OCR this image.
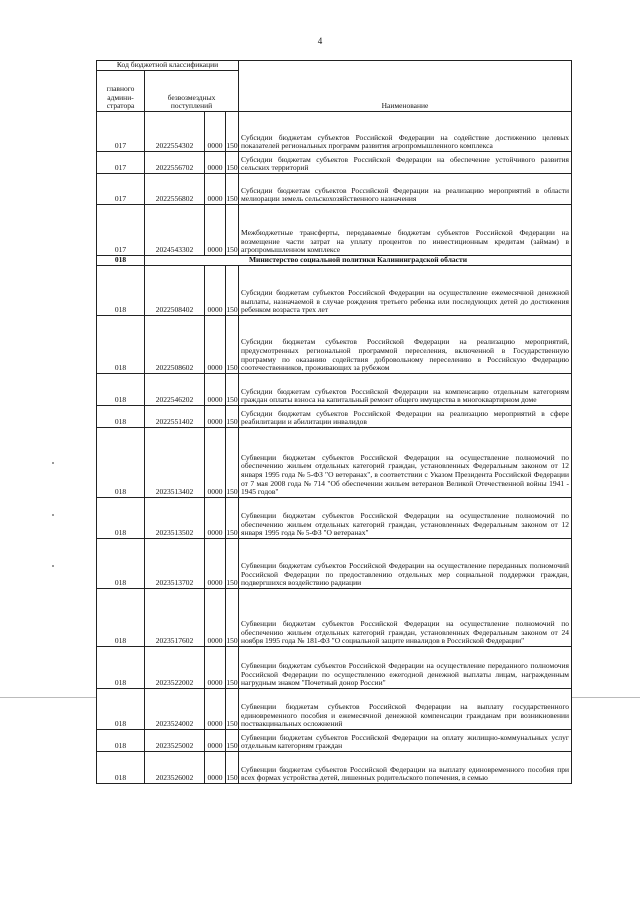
4
Код бюджетной классификации				Наименование
главного админи-стратора	безвозмездных поступлений			
017	2022554302	0000	150	Субсидии бюджетам субъектов Российской Федерации на содействие достижению целевых показателей региональных программ развития агропромышленного комплекса
017	2022556702	0000	150	Субсидии бюджетам субъектов Российской Федерации на обеспечение устойчивого развития сельских территорий
017	2022556802	0000	150	Субсидии бюджетам субъектов Российской Федерации на реализацию мероприятий в области мелиорации земель сельскохозяйственного назначения
017	2024543302	0000	150	Межбюджетные трансферты, передаваемые бюджетам субъектов Российской Федерации на возмещение части затрат на уплату процентов по инвестиционным кредитам (займам) в агропромышленном комплексе
018	Министерство социальной политики Калининградской области			
018	2022508402	0000	150	Субсидии бюджетам субъектов Российской Федерации на осуществление ежемесячной денежной выплаты, назначаемой в случае рождения третьего ребенка или последующих детей до достижения ребенком возраста трех лет
018	2022508602	0000	150	Субсидии бюджетам субъектов Российской Федерации на реализацию мероприятий, предусмотренных региональной программой переселения, включенной в Государственную программу по оказанию содействия добровольному переселению в Российскую Федерацию соотечественников, проживающих за рубежом
018	2022546202	0000	150	Субсидии бюджетам субъектов Российской Федерации на компенсацию отдельным категориям граждан оплаты взноса на капитальный ремонт общего имущества в многоквартирном доме
018	2022551402	0000	150	Субсидии бюджетам субъектов Российской Федерации на реализацию мероприятий в сфере реабилитации и абилитации инвалидов
018	2023513402	0000	150	Субвенции бюджетам субъектов Российской Федерации на осуществление полномочий по обеспечению жильем отдельных категорий граждан, установленных Федеральным законом от 12 января 1995 года № 5-ФЗ "О ветеранах", в соответствии с Указом Президента Российской Федерации от 7 мая 2008 года № 714 "Об обеспечении жильем ветеранов Великой Отечественной войны 1941 - 1945 годов"
018	2023513502	0000	150	Субвенции бюджетам субъектов Российской Федерации на осуществление полномочий по обеспечению жильем отдельных категорий граждан, установленных Федеральным законом от 12 января 1995 года № 5-ФЗ "О ветеранах"
018	2023513702	0000	150	Субвенции бюджетам субъектов Российской Федерации на осуществление переданных полномочий Российской Федерации по предоставлению отдельных мер социальной поддержки граждан, подвергшихся воздействию радиации
018	2023517602	0000	150	Субвенции бюджетам субъектов Российской Федерации на осуществление полномочий по обеспечению жильем отдельных категорий граждан, установленных Федеральным законом от 24 ноября 1995 года № 181-ФЗ "О социальной защите инвалидов в Российской Федерации"
018	2023522002	0000	150	Субвенции бюджетам субъектов Российской Федерации на осуществление переданного полномочия Российской Федерации по осуществлению ежегодной денежной выплаты лицам, награжденным нагрудным знаком "Почетный донор России"
018	2023524002	0000	150	Субвенции бюджетам субъектов Российской Федерации на выплату государственного единовременного пособия и ежемесячной денежной компенсации гражданам при возникновении поствакцинальных осложнений
018	2023525002	0000	150	Субвенции бюджетам субъектов Российской Федерации на оплату жилищно-коммунальных услуг отдельным категориям граждан
018	2023526002	0000	150	Субвенции бюджетам субъектов Российской Федерации на выплату единовременного пособия при всех формах устройства детей, лишенных родительского попечения, в семью
